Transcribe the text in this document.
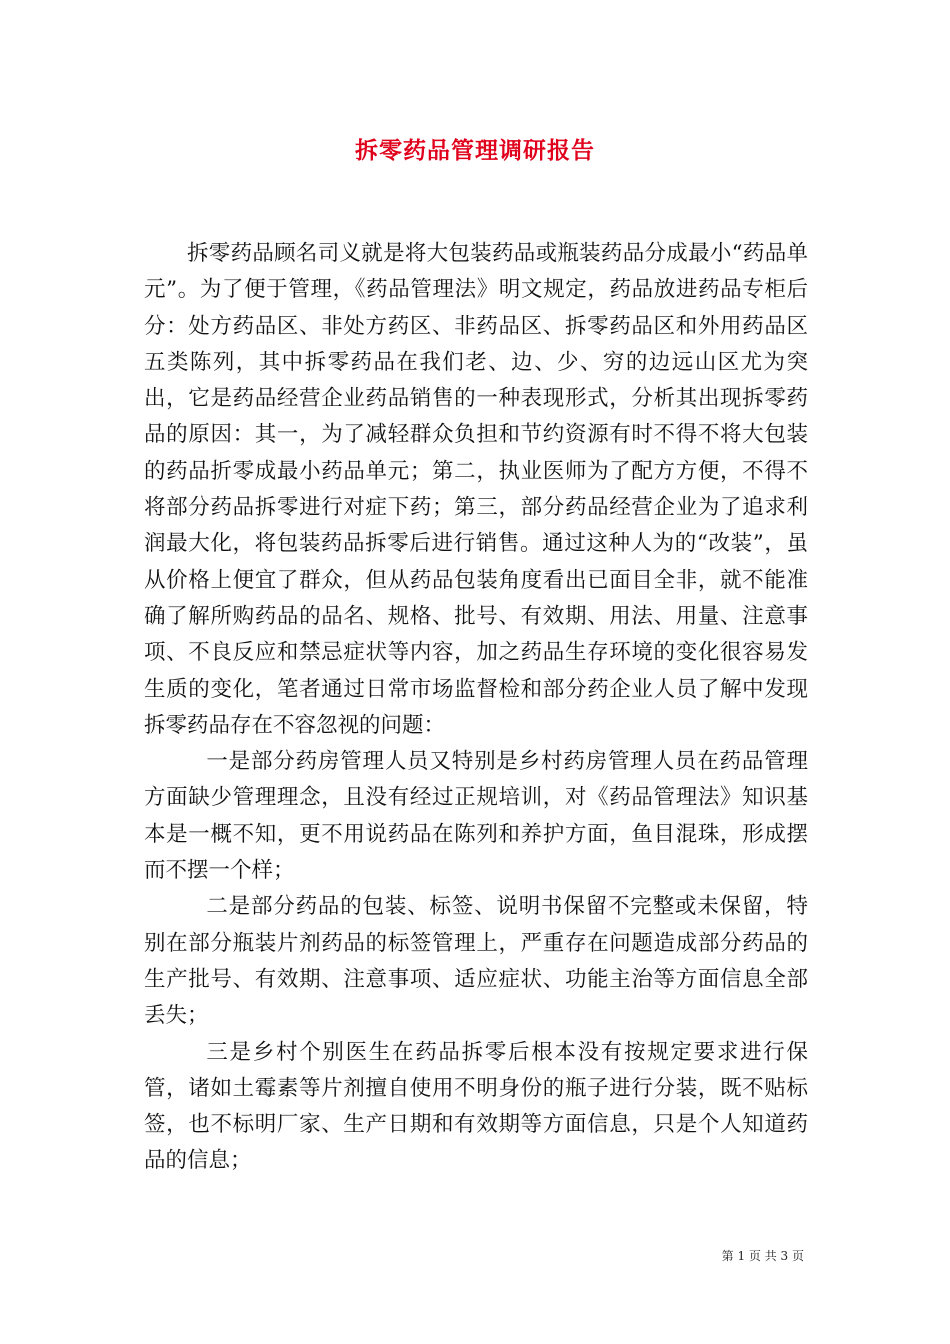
拆零药品管理调研报告

拆零药品顾名司义就是将大包装药品或瓶装药品分成最小“药品单元”。为了便于管理，《药品管理法》明文规定，药品放进药品专柜后分：处方药品区、非处方药区、非药品区、拆零药品区和外用药品区五类陈列，其中拆零药品在我们老、边、少、穷的边远山区尤为突出，它是药品经营企业药品销售的一种表现形式，分析其出现拆零药品的原因：其一，为了减轻群众负担和节约资源有时不得不将大包装的药品折零成最小药品单元；第二，执业医师为了配方方便，不得不将部分药品拆零进行对症下药；第三，部分药品经营企业为了追求利润最大化，将包装药品拆零后进行销售。通过这种人为的“改装”，虽从价格上便宜了群众，但从药品包装角度看出已面目全非，就不能准确了解所购药品的品名、规格、批号、有效期、用法、用量、注意事项、不良反应和禁忌症状等内容，加之药品生存环境的变化很容易发生质的变化，笔者通过日常市场监督检和部分药企业人员了解中发现拆零药品存在不容忽视的问题：

一是部分药房管理人员又特别是乡村药房管理人员在药品管理方面缺少管理理念，且没有经过正规培训，对《药品管理法》知识基本是一概不知，更不用说药品在陈列和养护方面，鱼目混珠，形成摆而不摆一个样；

二是部分药品的包装、标签、说明书保留不完整或未保留，特别在部分瓶装片剂药品的标签管理上，严重存在问题造成部分药品的生产批号、有效期、注意事项、适应症状、功能主治等方面信息全部丢失；

三是乡村个别医生在药品拆零后根本没有按规定要求进行保管，诸如土霉素等片剂擅自使用不明身份的瓶子进行分装，既不贴标签，也不标明厂家、生产日期和有效期等方面信息，只是个人知道药品的信息；

第 1 页 共 3 页
